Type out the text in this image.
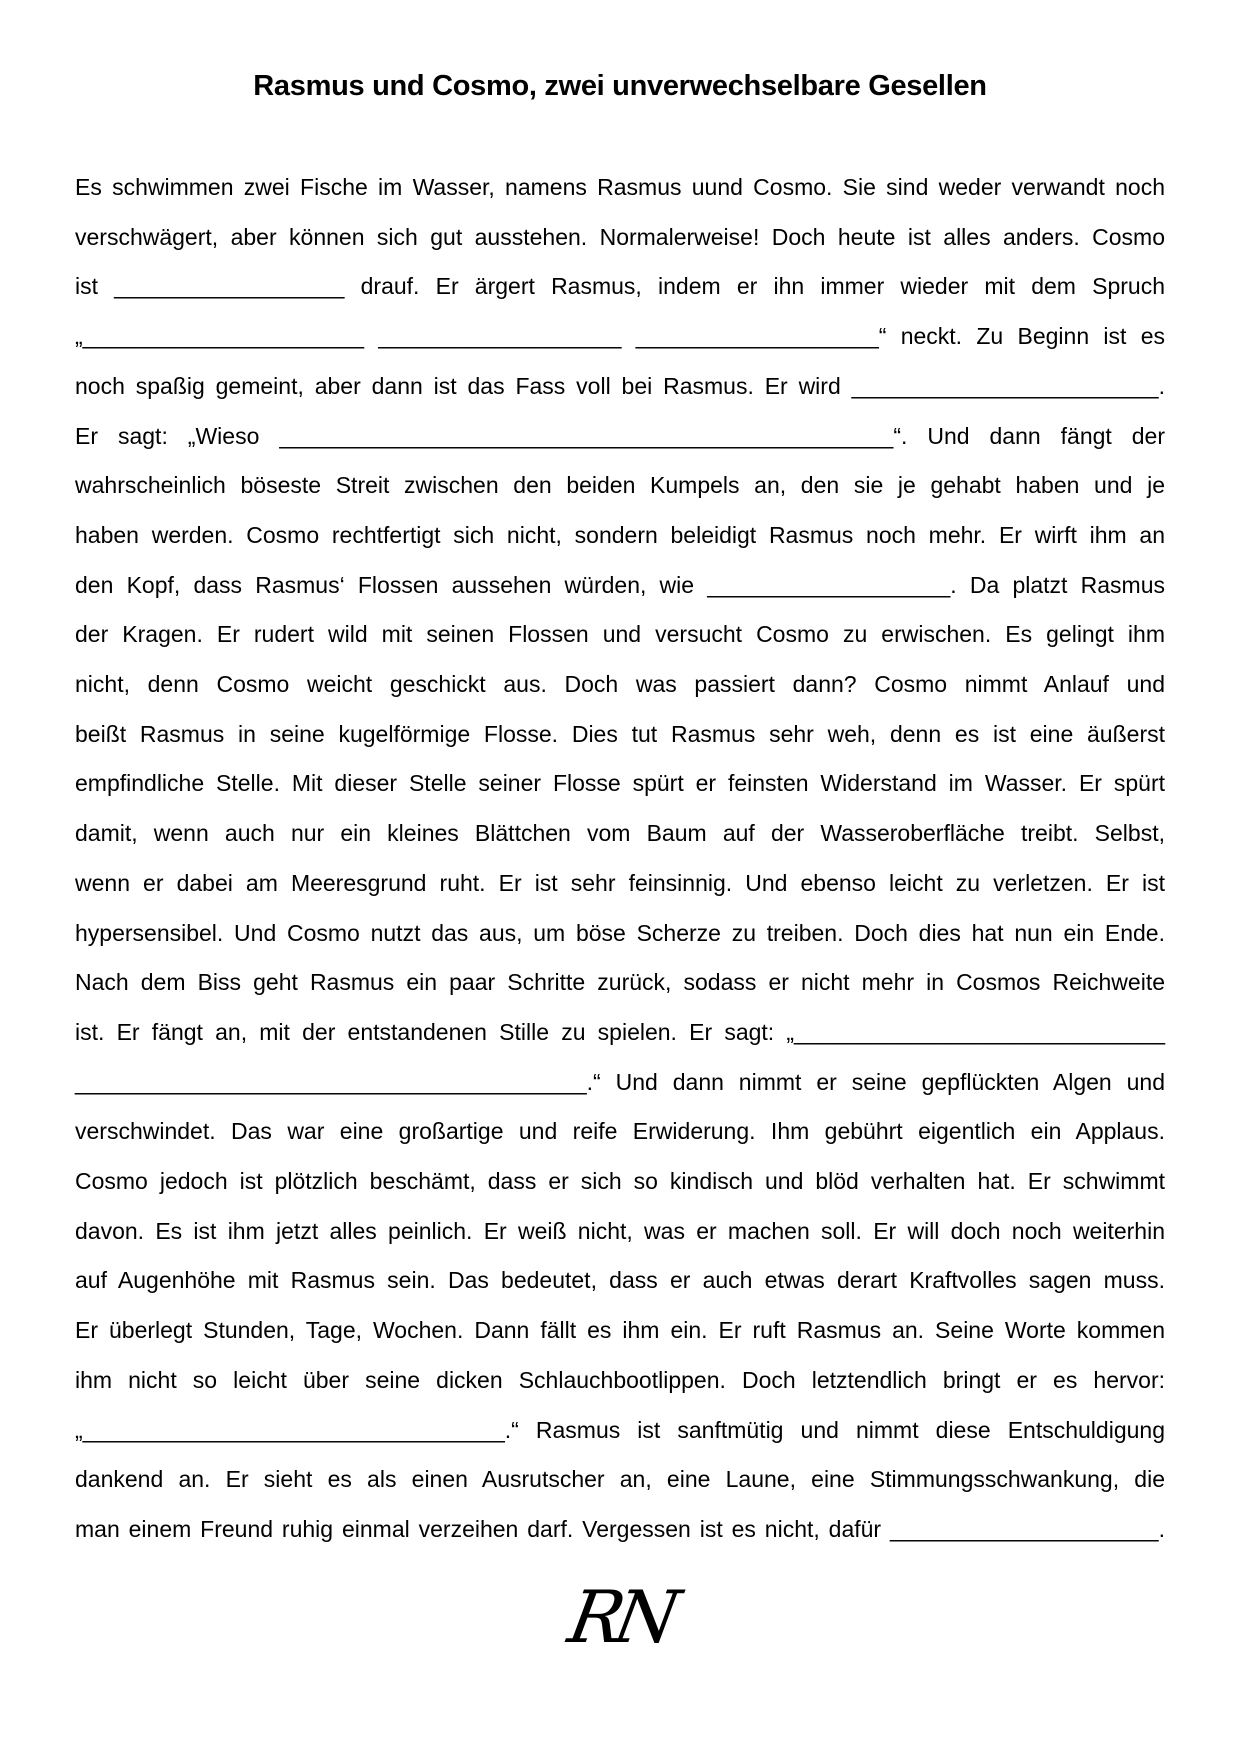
Rasmus und Cosmo, zwei unverwechselbare Gesellen
Es schwimmen zwei Fische im Wasser, namens Rasmus uund Cosmo. Sie sind weder verwandt noch
verschwägert, aber können sich gut ausstehen. Normalerweise! Doch heute ist alles anders. Cosmo
ist __________________ drauf. Er ärgert Rasmus, indem er ihn immer wieder mit dem Spruch
„______________________ ___________________ ___________________“ neckt. Zu Beginn ist es
noch spaßig gemeint, aber dann ist das Fass voll bei Rasmus. Er wird ________________________.
Er sagt: „Wieso ________________________________________________“. Und dann fängt der
wahrscheinlich böseste Streit zwischen den beiden Kumpels an, den sie je gehabt haben und je
haben werden. Cosmo rechtfertigt sich nicht, sondern beleidigt Rasmus noch mehr. Er wirft ihm an
den Kopf, dass Rasmus‘ Flossen aussehen würden, wie ___________________. Da platzt Rasmus
der Kragen. Er rudert wild mit seinen Flossen und versucht Cosmo zu erwischen. Es gelingt ihm
nicht, denn Cosmo weicht geschickt aus. Doch was passiert dann? Cosmo nimmt Anlauf und
beißt Rasmus in seine kugelförmige Flosse. Dies tut Rasmus sehr weh, denn es ist eine äußerst
empfindliche Stelle. Mit dieser Stelle seiner Flosse spürt er feinsten Widerstand im Wasser. Er spürt
damit, wenn auch nur ein kleines Blättchen vom Baum auf der Wasseroberfläche treibt. Selbst,
wenn er dabei am Meeresgrund ruht. Er ist sehr feinsinnig. Und ebenso leicht zu verletzen. Er ist
hypersensibel. Und Cosmo nutzt das aus, um böse Scherze zu treiben. Doch dies hat nun ein Ende.
Nach dem Biss geht Rasmus ein paar Schritte zurück, sodass er nicht mehr in Cosmos Reichweite
ist. Er fängt an, mit der entstandenen Stille zu spielen. Er sagt: „_____________________________
________________________________________.“ Und dann nimmt er seine gepflückten Algen und
verschwindet. Das war eine großartige und reife Erwiderung. Ihm gebührt eigentlich ein Applaus.
Cosmo jedoch ist plötzlich beschämt, dass er sich so kindisch und blöd verhalten hat. Er schwimmt
davon. Es ist ihm jetzt alles peinlich. Er weiß nicht, was er machen soll. Er will doch noch weiterhin
auf Augenhöhe mit Rasmus sein. Das bedeutet, dass er auch etwas derart Kraftvolles sagen muss.
Er überlegt Stunden, Tage, Wochen. Dann fällt es ihm ein. Er ruft Rasmus an. Seine Worte kommen
ihm nicht so leicht über seine dicken Schlauchbootlippen. Doch letztendlich bringt er es hervor:
„_________________________________.“ Rasmus ist sanftmütig und nimmt diese Entschuldigung
dankend an. Er sieht es als einen Ausrutscher an, eine Laune, eine Stimmungsschwankung, die
man einem Freund ruhig einmal verzeihen darf. Vergessen ist es nicht, dafür _____________________.
RN
